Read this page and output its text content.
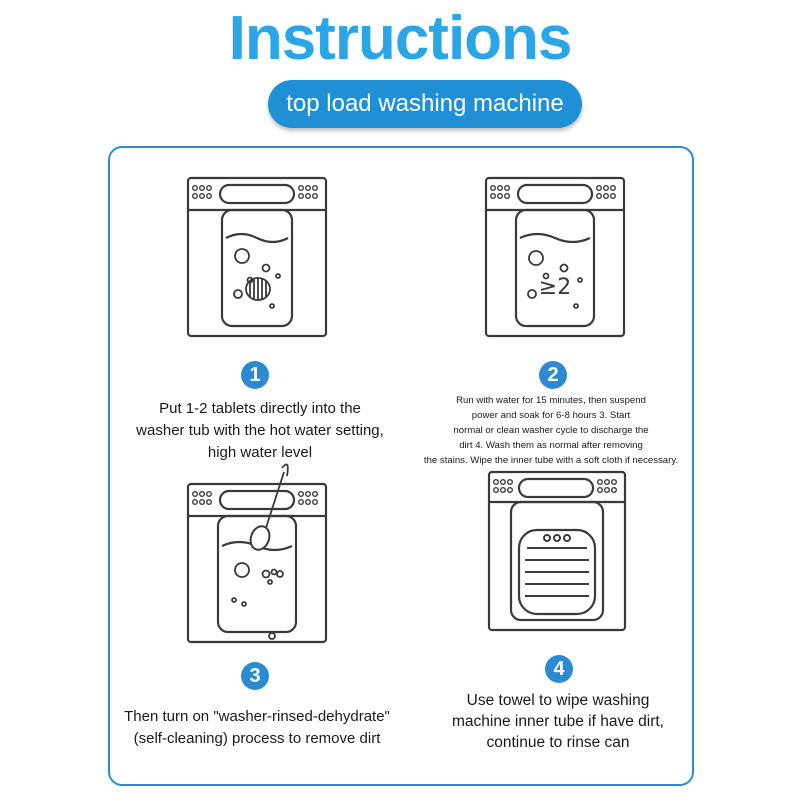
Instructions
top load washing machine
≥2
1	2
3	4
Put 1-2 tablets directly into the
washer tub with the hot water setting,
high water level
Run with water for 15 minutes, then suspend
power and soak for 6-8 hours 3. Start
normal or clean washer cycle to discharge the
dirt 4. Wash them as normal after removing
the stains. Wipe the inner tube with a soft cloth if necessary.
Then turn on "washer-rinsed-dehydrate"
(self-cleaning) process to remove dirt
Use towel to wipe washing
machine inner tube if have dirt,
continue to rinse can
